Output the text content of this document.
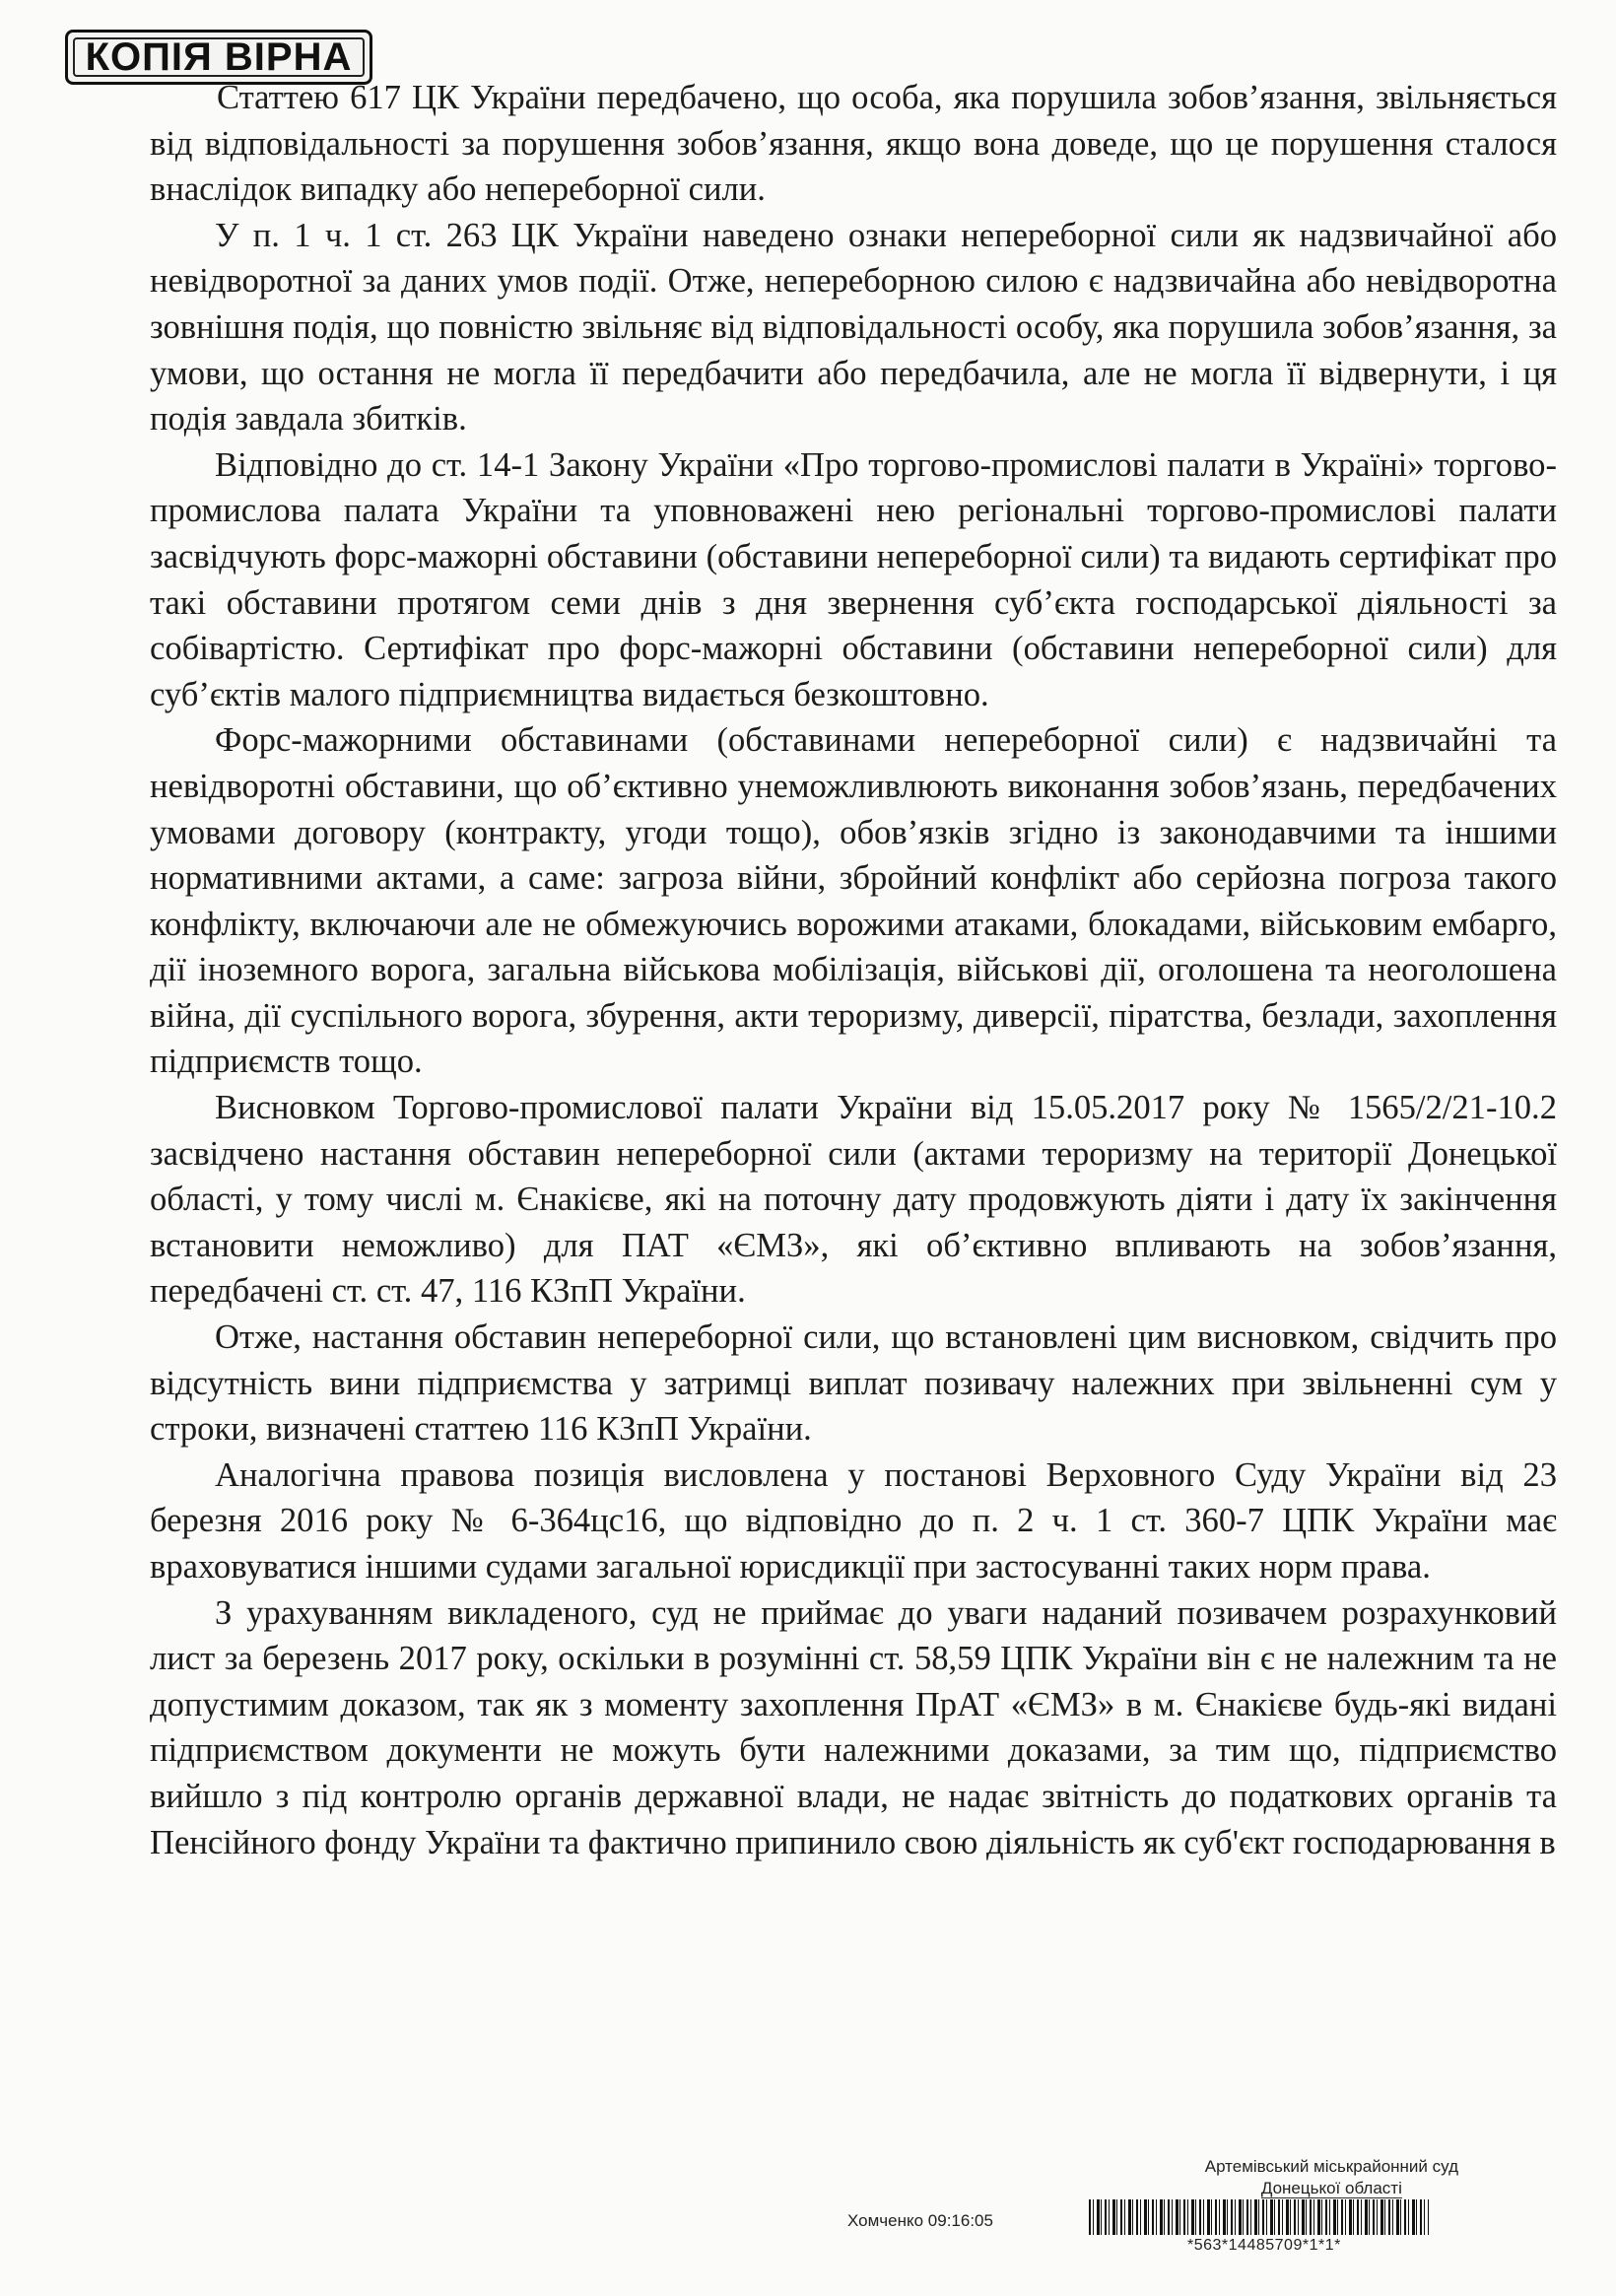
КОПІЯ ВІРНА

Статтею 617 ЦК України передбачено, що особа, яка порушила зобов’язання, звільняється від відповідальності за порушення зобов’язання, якщо вона доведе, що це порушення сталося внаслідок випадку або непереборної сили.

У п. 1 ч. 1 ст. 263 ЦК України наведено ознаки непереборної сили як надзвичайної або невідворотної за даних умов події. Отже, непереборною силою є надзвичайна або невідворотна зовнішня подія, що повністю звільняє від відповідальності особу, яка порушила зобов’язання, за умови, що остання не могла її передбачити або передбачила, але не могла її відвернути, і ця подія завдала збитків.

Відповідно до ст. 14-1 Закону України «Про торгово-промислові палати в Україні» торгово-промислова палата України та уповноважені нею регіональні торгово-промислові палати засвідчують форс-мажорні обставини (обставини непереборної сили) та видають сертифікат про такі обставини протягом семи днів з дня звернення суб’єкта господарської діяльності за собівартістю. Сертифікат про форс-мажорні обставини (обставини непереборної сили) для суб’єктів малого підприємництва видається безкоштовно.

Форс-мажорними обставинами (обставинами непереборної сили) є надзвичайні та невідворотні обставини, що об’єктивно унеможливлюють виконання зобов’язань, передбачених умовами договору (контракту, угоди тощо), обов’язків згідно із законодавчими та іншими нормативними актами, а саме: загроза війни, збройний конфлікт або серйозна погроза такого конфлікту, включаючи але не обмежуючись ворожими атаками, блокадами, військовим ембарго, дії іноземного ворога, загальна військова мобілізація, військові дії, оголошена та неоголошена війна, дії суспільного ворога, збурення, акти тероризму, диверсії, піратства, безлади, захоплення підприємств тощо.

Висновком Торгово-промислової палати України від 15.05.2017 року № 1565/2/21-10.2 засвідчено настання обставин непереборної сили (актами тероризму на території Донецької області, у тому числі м. Єнакієве, які на поточну дату продовжують діяти і дату їх закінчення встановити неможливо) для ПАТ «ЄМЗ», які об’єктивно впливають на зобов’язання, передбачені ст. ст. 47, 116 КЗпП України.

Отже, настання обставин непереборної сили, що встановлені цим висновком, свідчить про відсутність вини підприємства у затримці виплат позивачу належних при звільненні сум у строки, визначені статтею 116 КЗпП України.

Аналогічна правова позиція висловлена у постанові Верховного Суду України від 23 березня 2016 року № 6-364цс16, що відповідно до п. 2 ч. 1 ст. 360-7 ЦПК України має враховуватися іншими судами загальної юрисдикції при застосуванні таких норм права.

З урахуванням викладеного, суд не приймає до уваги наданий позивачем розрахунковий лист за березень 2017 року, оскільки в розумінні ст. 58,59 ЦПК України він є не належним та не допустимим доказом, так як з моменту захоплення ПрАТ «ЄМЗ» в м. Єнакієве будь-які видані підприємством документи не можуть бути належними доказами, за тим що, підприємство вийшло з під контролю органів державної влади, не надає звітність до податкових органів та Пенсійного фонду України та фактично припинило свою діяльність як суб'єкт господарювання в

Артемівський міськрайонний суд
Донецької області
Хомченко 09:16:05
*563*14485709*1*1*
